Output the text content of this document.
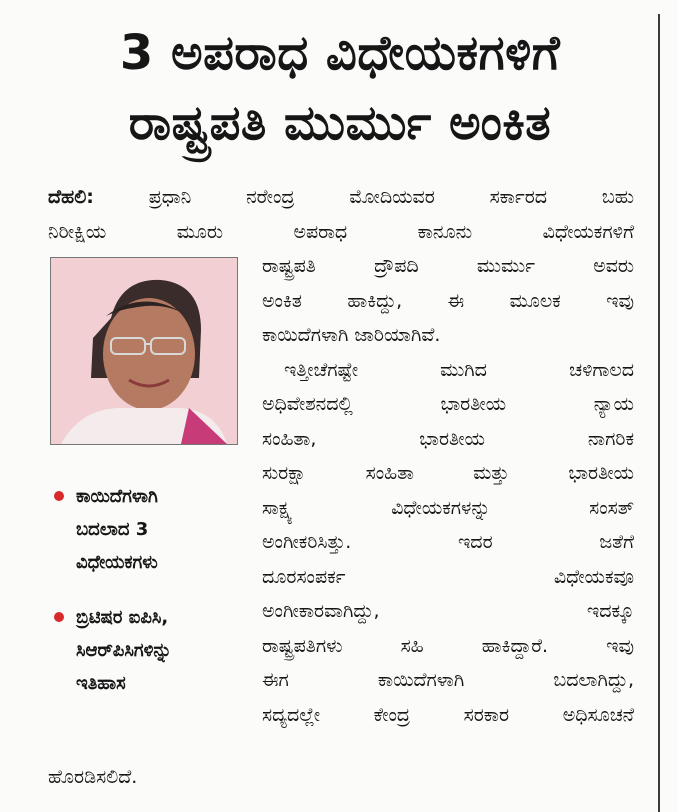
3 ಅಪರಾಧ ವಿಧೇಯಕಗಳಿಗೆ
ರಾಷ್ಟ್ರಪತಿ ಮುರ್ಮು ಅಂಕಿತ
ದೆಹಲಿ: ಪ್ರಧಾನಿ ನರೇಂದ್ರ ಮೋದಿಯವರ ಸರ್ಕಾರದ ಬಹು
ನಿರೀಕ್ಷಿಯ ಮೂರು ಅಪರಾಧ ಕಾನೂನು ವಿಧೇಯಕಗಳಿಗೆ
ರಾಷ್ಟ್ರಪತಿ ದ್ರೌಪದಿ ಮುರ್ಮು ಅವರು
ಅಂಕಿತ ಹಾಕಿದ್ದು, ಈ ಮೂಲಕ ಇವು
ಕಾಯಿದೆಗಳಾಗಿ ಜಾರಿಯಾಗಿವೆ.
ಇತ್ತೀಚೆಗಷ್ಟೇ ಮುಗಿದ ಚಳಿಗಾಲದ
ಅಧಿವೇಶನದಲ್ಲಿ ಭಾರತೀಯ ನ್ಯಾಯ
ಸಂಹಿತಾ, ಭಾರತೀಯ ನಾಗರಿಕ
ಸುರಕ್ಷಾ ಸಂಹಿತಾ ಮತ್ತು ಭಾರತೀಯ
ಸಾಕ್ಷ್ಯ ವಿಧೇಯಕಗಳನ್ನು ಸಂಸತ್
ಅಂಗೀಕರಿಸಿತ್ತು. ಇದರ ಜತೆಗೆ
ದೂರಸಂಪರ್ಕ ವಿಧೇಯಕವೂ
ಅಂಗೀಕಾರವಾಗಿದ್ದು, ಇದಕ್ಕೂ
ರಾಷ್ಟ್ರಪತಿಗಳು ಸಹಿ ಹಾಕಿದ್ದಾರೆ. ಇವು
ಈಗ ಕಾಯಿದೆಗಳಾಗಿ ಬದಲಾಗಿದ್ದು,
ಸದ್ಯದಲ್ಲೇ ಕೇಂದ್ರ ಸರಕಾರ ಅಧಿಸೂಚನೆ
ಕಾಯಿದೆಗಳಾಗಿ
ಬದಲಾದ 3
ವಿಧೇಯಕಗಳು
ಬ್ರಿಟಿಷರ ಐಪಿಸಿ,
ಸಿಆರ್‌ಪಿಸಿಗಳಿನ್ನು
ಇತಿಹಾಸ
ಹೊರಡಿಸಲಿದೆ.
